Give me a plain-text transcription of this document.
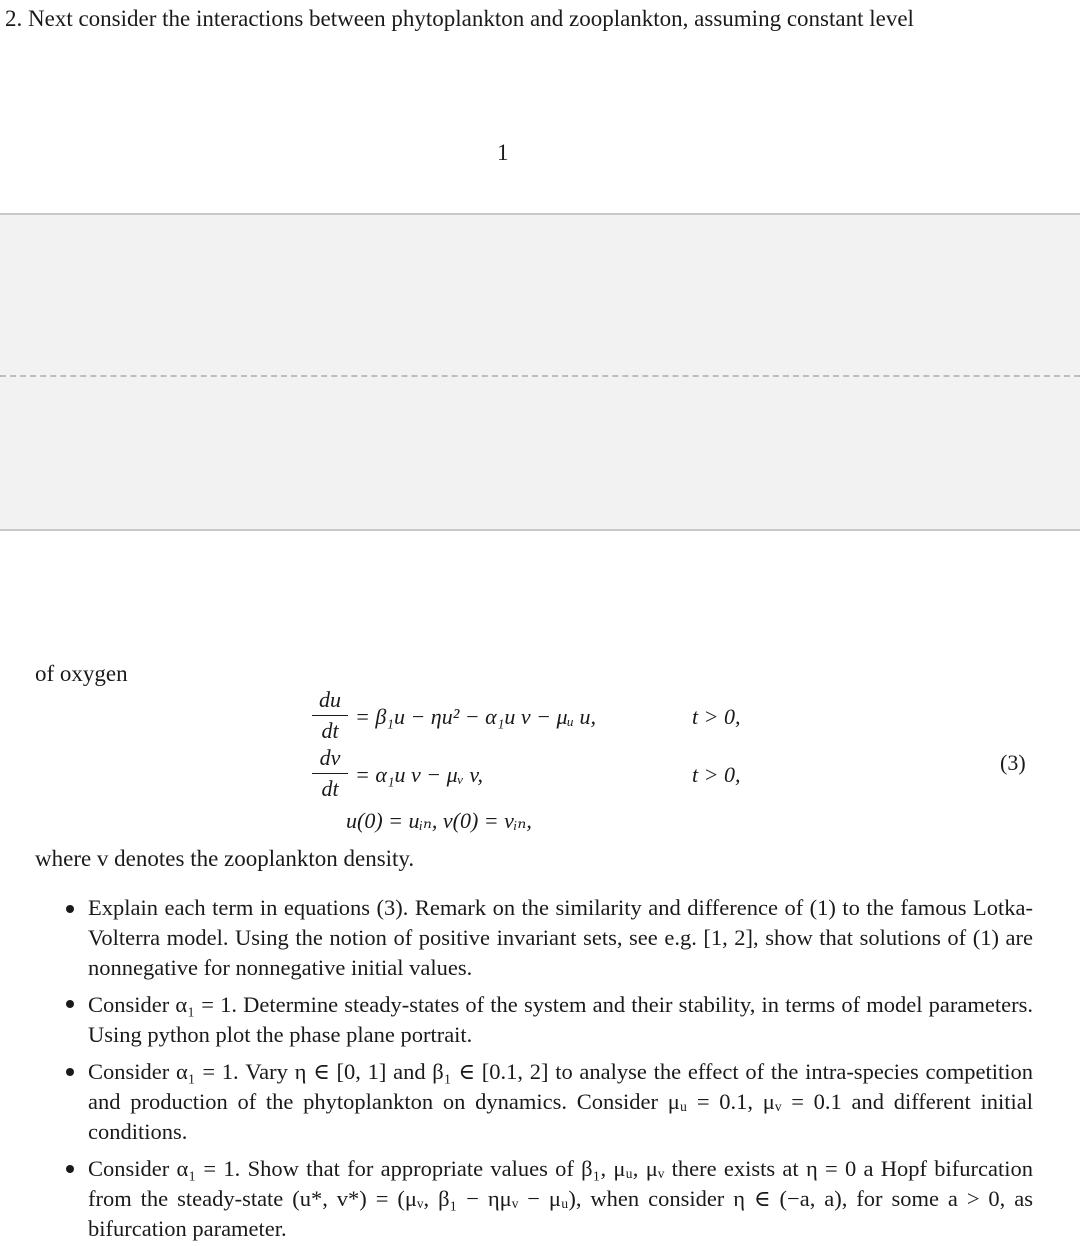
2. Next consider the interactions between phytoplankton and zooplankton, assuming constant level
1
of oxygen
du
dt
= β₁u − ηu² − α₁u v − μᵤ u,	t > 0,
dv
dt
= α₁u v − μᵥ v,	t > 0,
u(0) = uᵢₙ, v(0) = vᵢₙ,
(3)
where v denotes the zooplankton density.
Explain each term in equations (3). Remark on the similarity and difference of (1) to the famous Lotka-Volterra model. Using the notion of positive invariant sets, see e.g. [1, 2], show that solutions of (1) are nonnegative for nonnegative initial values.
Consider α₁ = 1. Determine steady-states of the system and their stability, in terms of model parameters. Using python plot the phase plane portrait.
Consider α₁ = 1. Vary η ∈ [0, 1] and β₁ ∈ [0.1, 2] to analyse the effect of the intra-species competition and production of the phytoplankton on dynamics. Consider μᵤ = 0.1, μᵥ = 0.1 and different initial conditions.
Consider α₁ = 1. Show that for appropriate values of β₁, μᵤ, μᵥ there exists at η = 0 a Hopf bifurcation from the steady-state (u*, v*) = (μᵥ, β₁ − ημᵥ − μᵤ), when consider η ∈ (−a, a), for some a > 0, as bifurcation parameter.
